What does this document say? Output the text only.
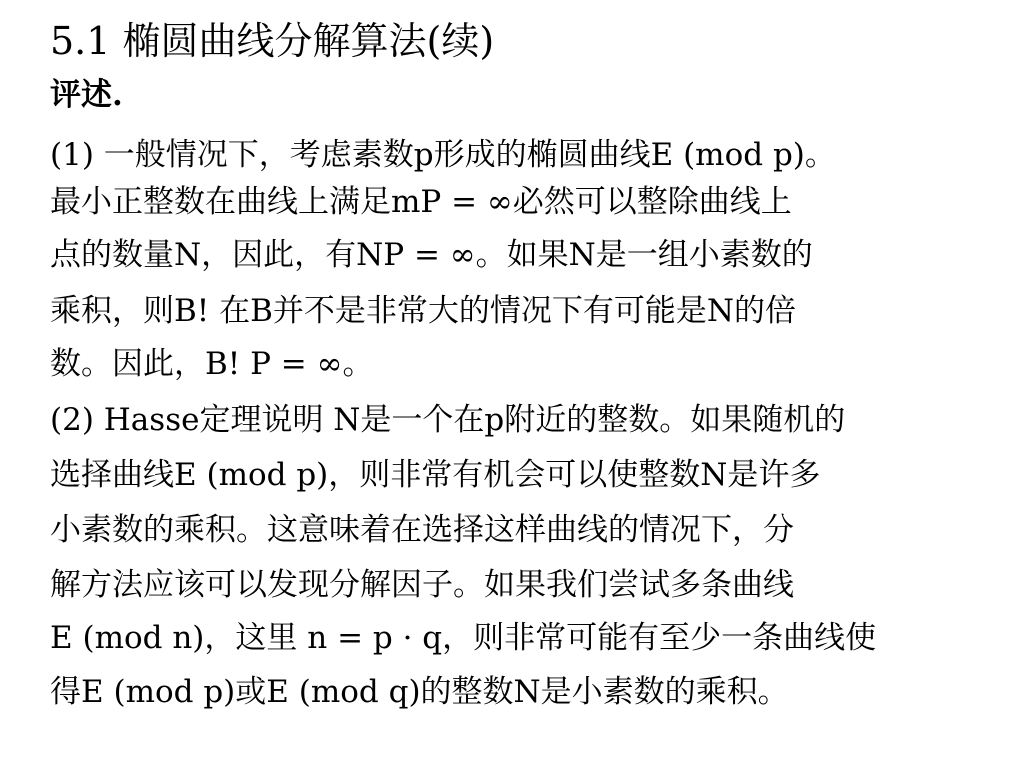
5.1 椭圆曲线分解算法(续)
评述.
(1) 一般情况下，考虑素数p形成的椭圆曲线E (mod p)。
最小正整数在曲线上满足mP = ∞必然可以整除曲线上
点的数量N，因此，有NP = ∞。如果N是一组小素数的
乘积，则B! 在B并不是非常大的情况下有可能是N的倍
数。因此，B! P = ∞。
(2) Hasse定理说明 N是一个在p附近的整数。如果随机的
选择曲线E (mod p)，则非常有机会可以使整数N是许多
小素数的乘积。这意味着在选择这样曲线的情况下，分
解方法应该可以发现分解因子。如果我们尝试多条曲线
E (mod n)，这里 n = p · q，则非常可能有至少一条曲线使
得E (mod p)或E (mod q)的整数N是小素数的乘积。
